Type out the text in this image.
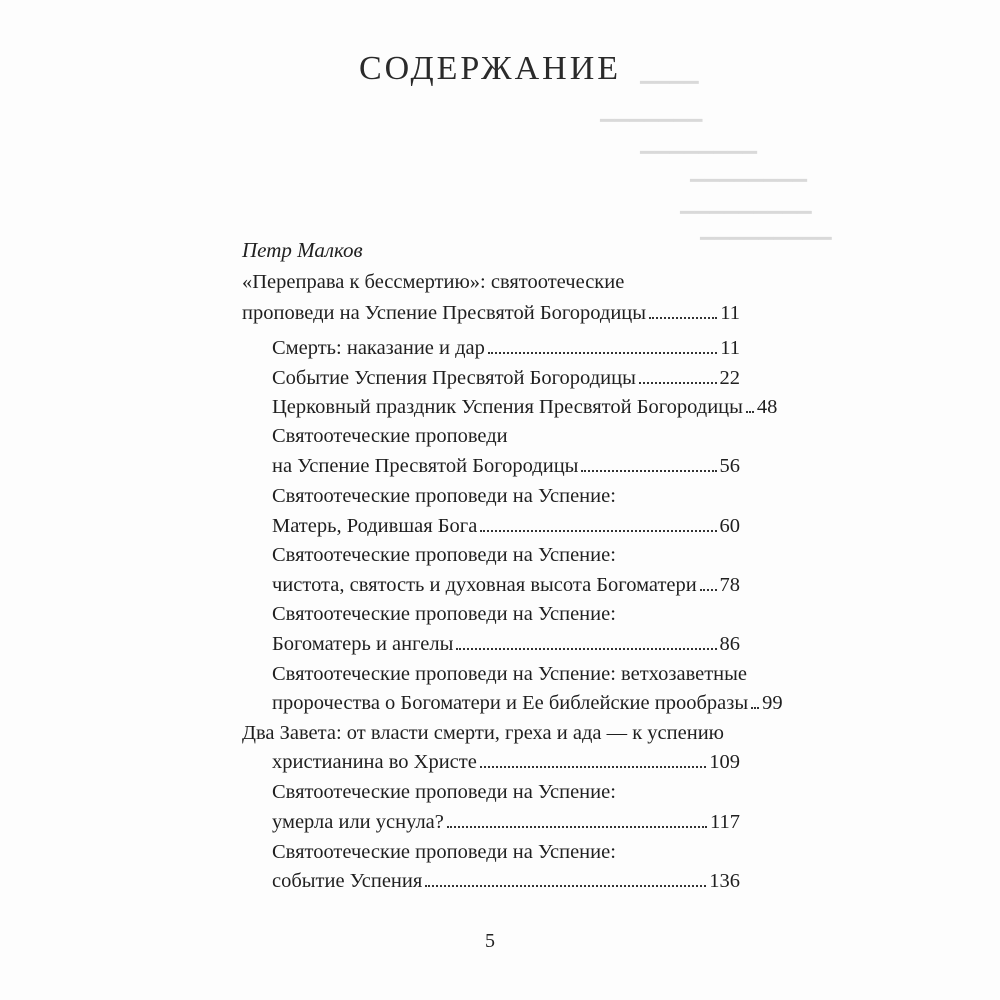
▁▁▁▁
▁▁▁▁▁▁▁
▁▁▁▁▁▁▁▁
▁▁▁▁▁▁▁▁
▁▁▁▁▁▁▁▁▁
▁▁▁▁▁▁▁▁▁
СОДЕРЖАНИЕ
Петр Малков
«Переправа к бессмертию»: святоотеческие
проповеди на Успение Пресвятой Богородицы	11
Смерть: наказание и дар	11
Событие Успения Пресвятой Богородицы	22
Церковный праздник Успения Пресвятой Богородицы 48
Святоотеческие проповеди
на Успение Пресвятой Богородицы	56
Святоотеческие проповеди на Успение:
Матерь, Родившая Бога	60
Святоотеческие проповеди на Успение:
чистота, святость и духовная высота Богоматери 78
Святоотеческие проповеди на Успение:
Богоматерь и ангелы	86
Святоотеческие проповеди на Успение: ветхозаветные
пророчества о Богоматери и Ее библейские прообразы 99
Два Завета: от власти смерти, греха и ада — к успению
христианина во Христе	109
Святоотеческие проповеди на Успение:
умерла или уснула?	117
Святоотеческие проповеди на Успение:
событие Успения	136
5
